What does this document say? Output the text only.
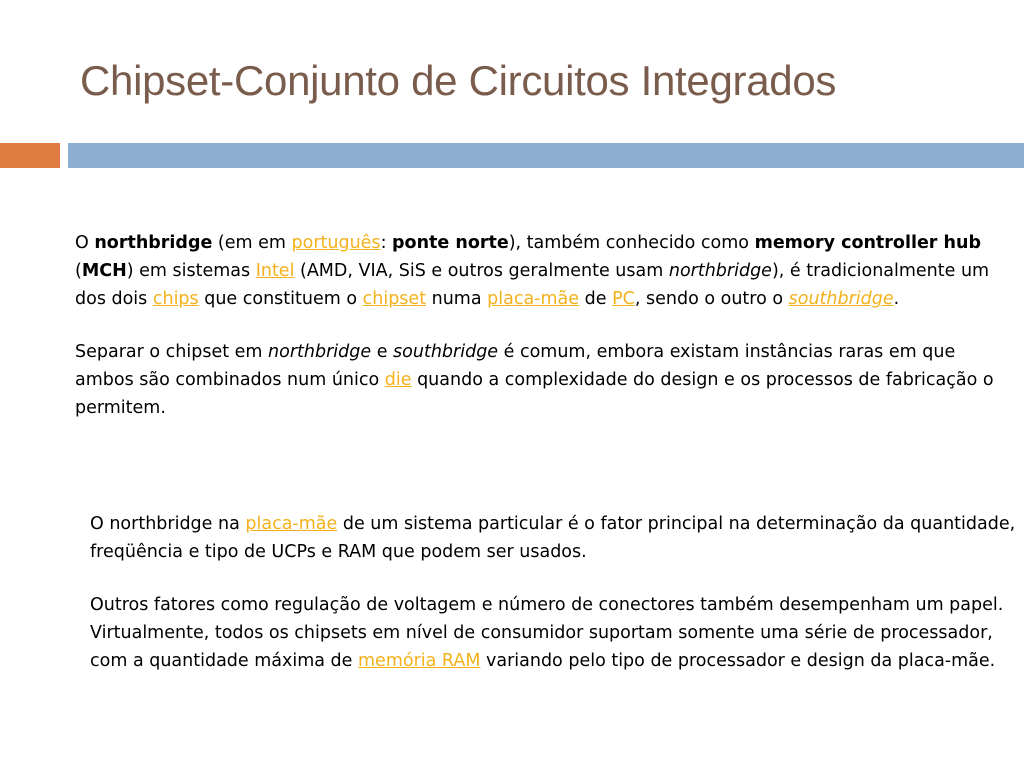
Chipset-Conjunto de Circuitos Integrados

O northbridge (em em português: ponte norte), também conhecido como memory controller hub (MCH) em sistemas Intel (AMD, VIA, SiS e outros geralmente usam northbridge), é tradicionalmente um dos dois chips que constituem o chipset numa placa-mãe de PC, sendo o outro o southbridge.

Separar o chipset em northbridge e southbridge é comum, embora existam instâncias raras em que ambos são combinados num único die quando a complexidade do design e os processos de fabricação o permitem.

O northbridge na placa-mãe de um sistema particular é o fator principal na determinação da quantidade, freqüência e tipo de UCPs e RAM que podem ser usados.

Outros fatores como regulação de voltagem e número de conectores também desempenham um papel. Virtualmente, todos os chipsets em nível de consumidor suportam somente uma série de processador, com a quantidade máxima de memória RAM variando pelo tipo de processador e design da placa-mãe.
